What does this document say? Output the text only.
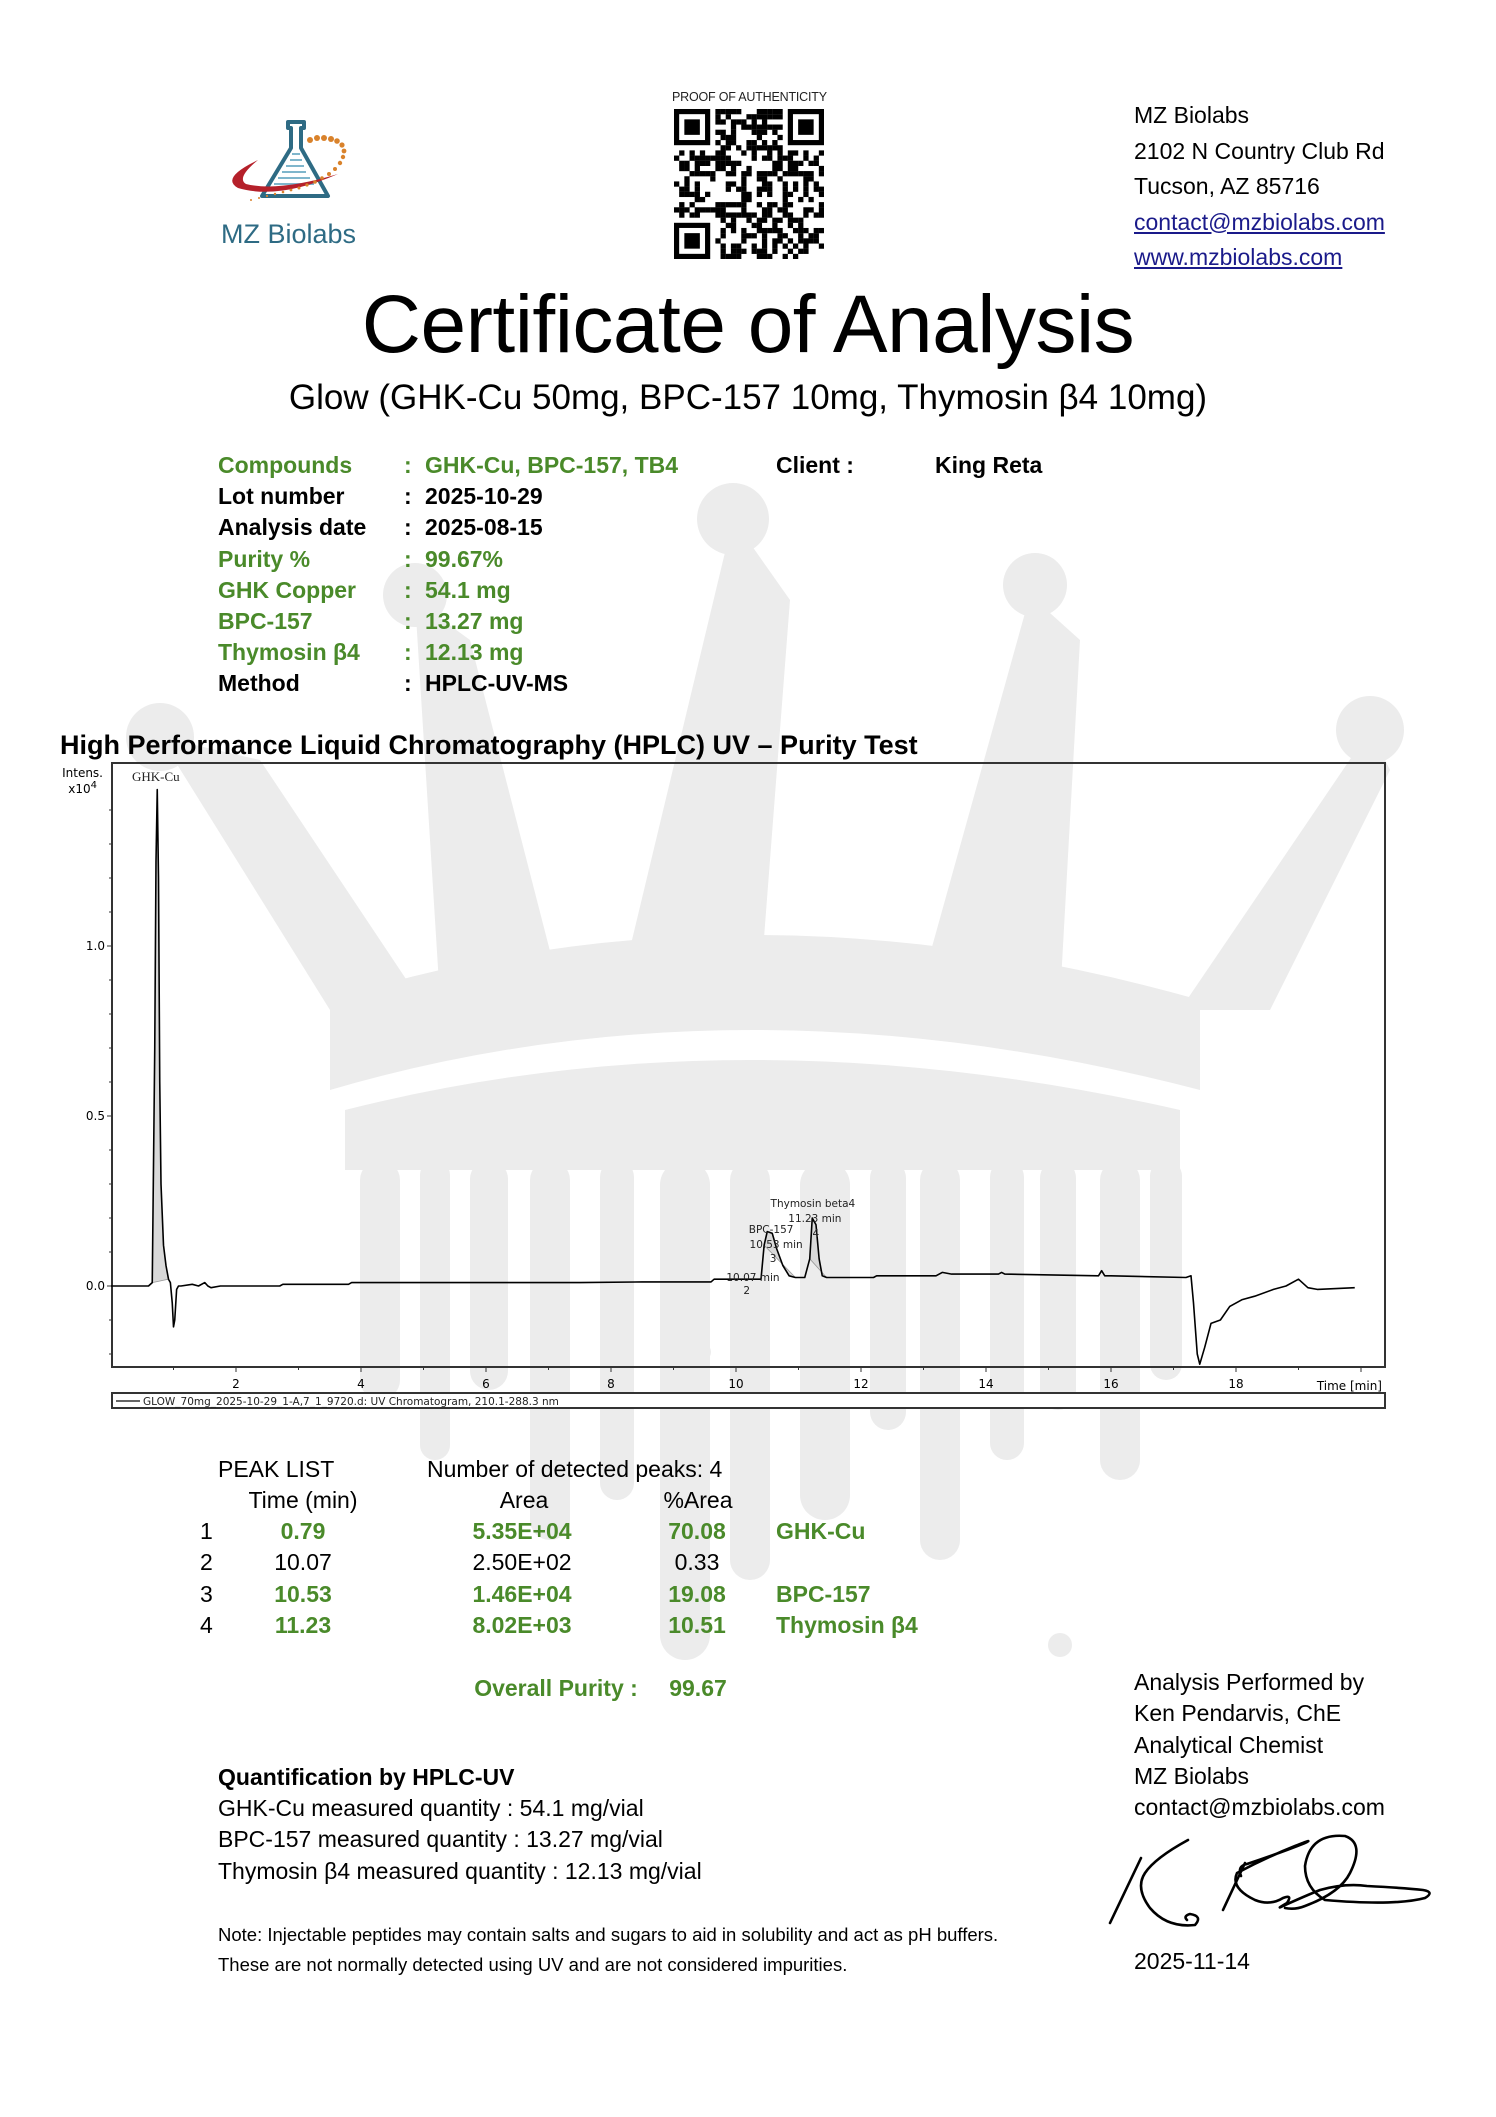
MZ Biolabs
PROOF OF AUTHENTICITY
MZ Biolabs
2102 N Country Club Rd
Tucson, AZ 85716
contact@mzbiolabs.com
www.mzbiolabs.com
Certificate of Analysis
Glow (GHK-Cu 50mg, BPC-157 10mg, Thymosin β4 10mg)
Compounds : GHK-Cu, BPC-157, TB4
Lot number	: 2025-10-29
Analysis date : 2025-08-15
Purity %	: 99.67%
GHK Copper : 54.1 mg
BPC-157	: 13.27 mg
Thymosin β4 : 12.13 mg
Method	: HPLC-UV-MS
Client :	King Reta
High Performance Liquid Chromatography (HPLC) UV – Purity Test
Intens.
$x10^4$
Time [min]
GLOW_70mg_2025-10-29_1-A,7_1_9720.d: UV Chromatogram, 210.1-288.3 nm
2	4	6	8	10	12	14	16	18
0.0
0.5
1.0
GHK-Cu
10.07 min
2
BPC-157
10.53 min
3
Thymosin beta4
11.23 min
4
PEAK LIST	Number of detected peaks: 4
Time (min)	Area	%Area
Overall Purity : 99.67
1	0.79	5.35E+04	70.08 GHK-Cu
2	10.07	2.50E+02	0.33
3	10.53	1.46E+04	19.08 BPC-157
4	11.23	8.02E+03	10.51 Thymosin β4
Quantification by HPLC-UV
GHK-Cu measured quantity : 54.1 mg/vial
BPC-157 measured quantity : 13.27 mg/vial
Thymosin β4 measured quantity : 12.13 mg/vial
Note: Injectable peptides may contain salts and sugars to aid in solubility and act as pH buffers.
These are not normally detected using UV and are not considered impurities.
Analysis Performed by
Ken Pendarvis, ChE
Analytical Chemist
MZ Biolabs
contact@mzbiolabs.com
2025-11-14
